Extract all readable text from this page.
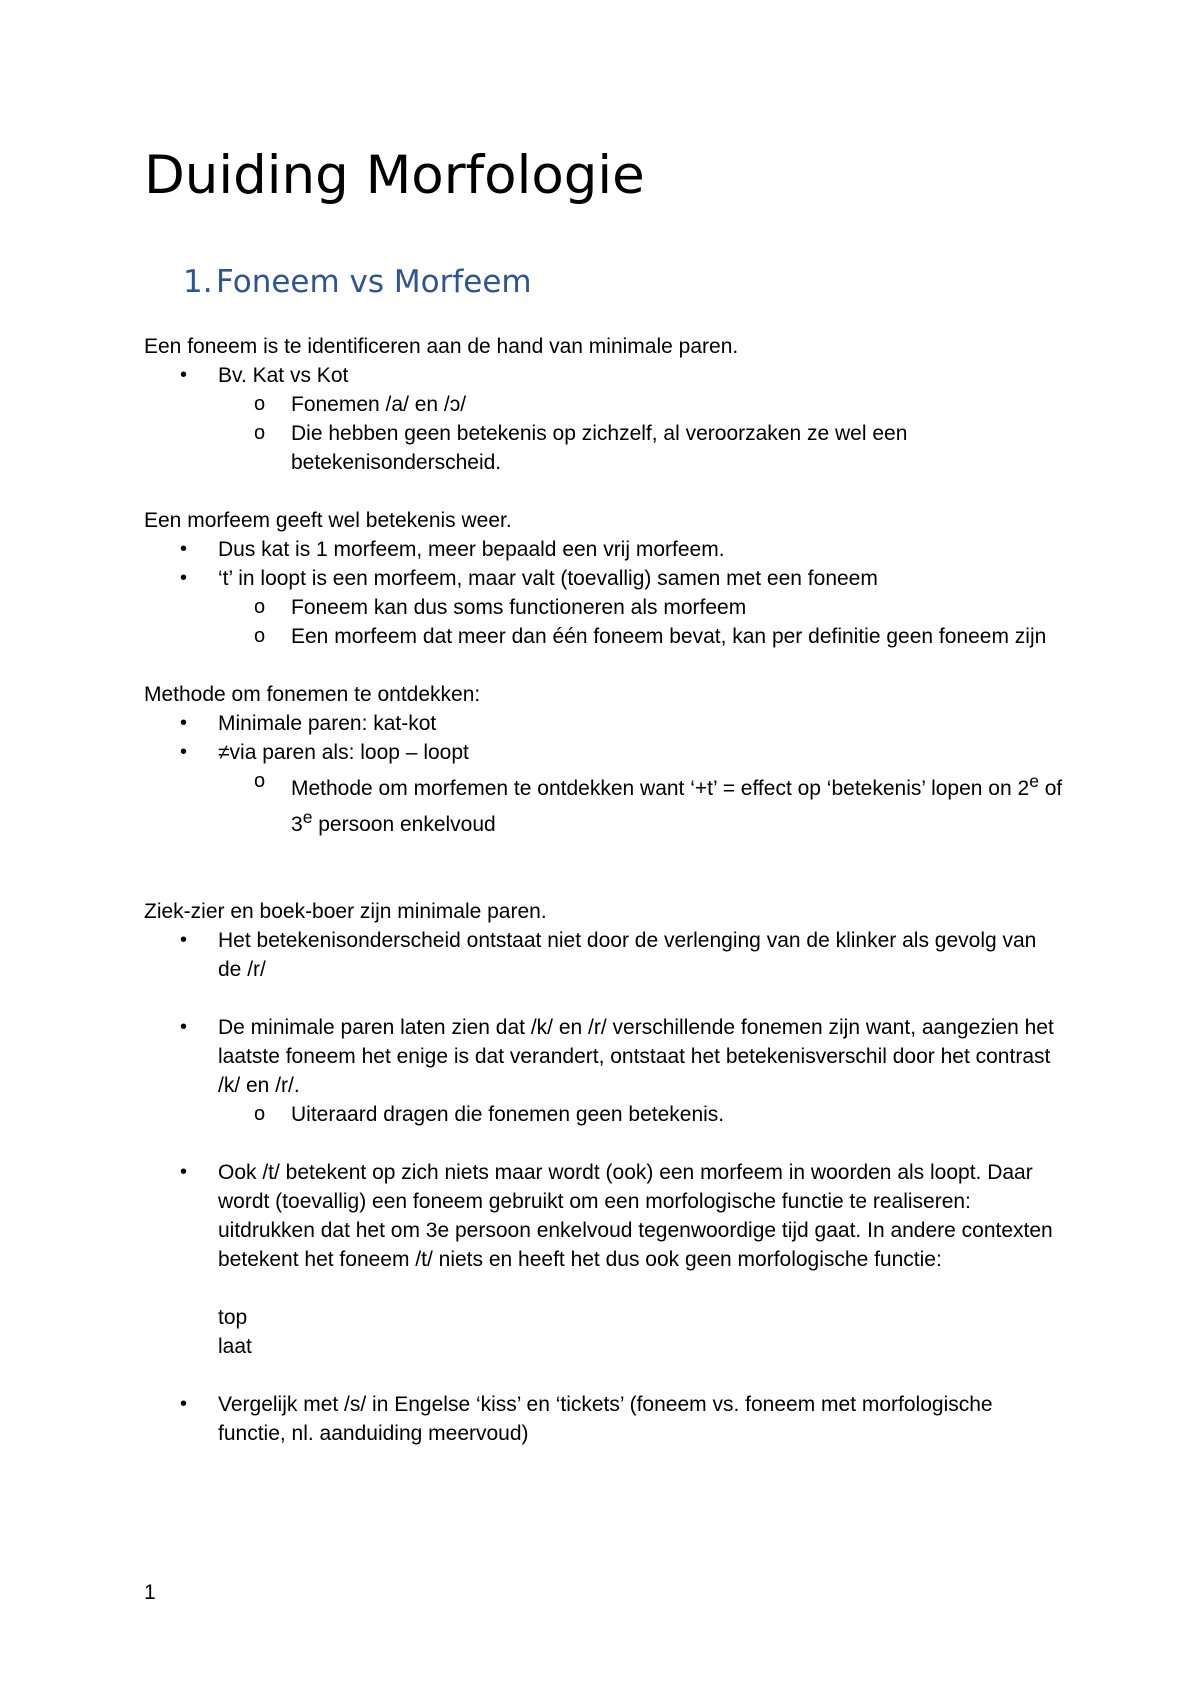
Duiding Morfologie
1. Foneem vs Morfeem

Een foneem is te identificeren aan de hand van minimale paren.

• Bv. Kat vs Kot
o Fonemen /a/ en /ɔ/
o Die hebben geen betekenis op zichzelf, al veroorzaken ze wel een betekenisonderscheid.

Een morfeem geeft wel betekenis weer.

• Dus kat is 1 morfeem, meer bepaald een vrij morfeem.
• ‘t’ in loopt is een morfeem, maar valt (toevallig) samen met een foneem
o Foneem kan dus soms functioneren als morfeem
o Een morfeem dat meer dan één foneem bevat, kan per definitie geen foneem zijn

Methode om fonemen te ontdekken:

• Minimale paren: kat-kot
• ≠via paren als: loop – loopt
o Methode om morfemen te ontdekken want ‘+t’ = effect op ‘betekenis’ lopen on 2e of 3e persoon enkelvoud

Ziek-zier en boek-boer zijn minimale paren.

• Het betekenisonderscheid ontstaat niet door de verlenging van de klinker als gevolg van de /r/
• De minimale paren laten zien dat /k/ en /r/ verschillende fonemen zijn want, aangezien het laatste foneem het enige is dat verandert, ontstaat het betekenisverschil door het contrast /k/ en /r/.
o Uiteraard dragen die fonemen geen betekenis.
• Ook /t/ betekent op zich niets maar wordt (ook) een morfeem in woorden als loopt. Daar wordt (toevallig) een foneem gebruikt om een morfologische functie te realiseren: uitdrukken dat het om 3e persoon enkelvoud tegenwoordige tijd gaat. In andere contexten betekent het foneem /t/ niets en heeft het dus ook geen morfologische functie:
top
laat
• Vergelijk met /s/ in Engelse ‘kiss’ en ‘tickets’ (foneem vs. foneem met morfologische functie, nl. aanduiding meervoud)
1
